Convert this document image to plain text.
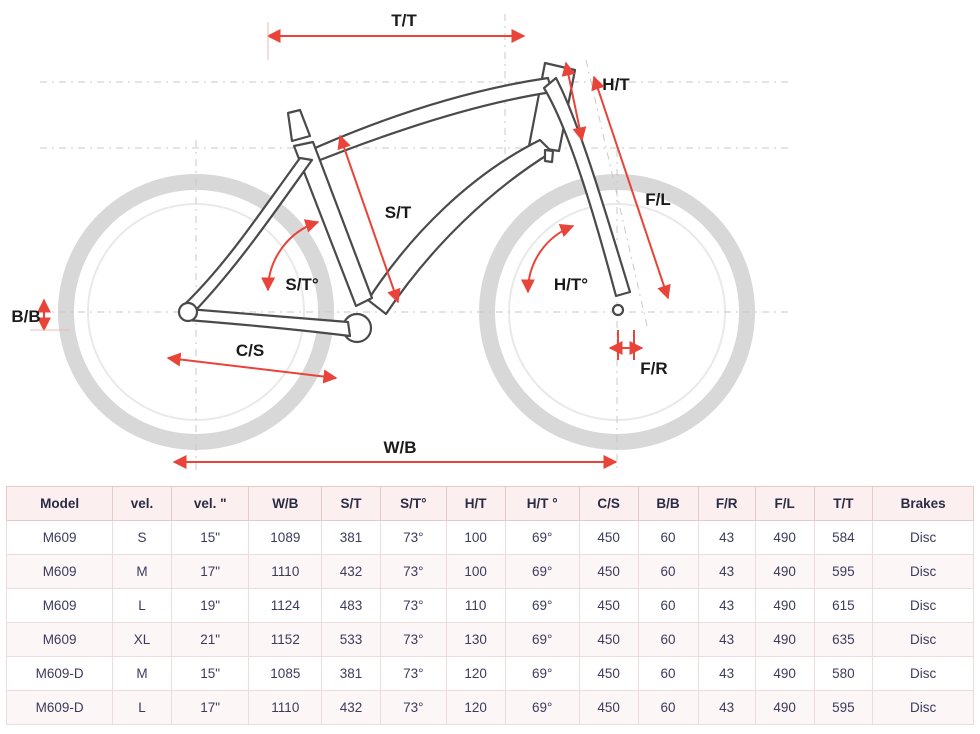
T/T
H/T
F/L
S/T
S/T°	H/T°
B/B
C/S
F/R
W/B
Model	vel.	vel. "	W/B	S/T	S/T°	H/T	H/T °	C/S	B/B	F/R	F/L	T/T	Brakes
M609	S	15"	1089	381	73°	100	69°	450	60	43	490	584	Disc
M609	M	17"	1110	432	73°	100	69°	450	60	43	490	595	Disc
M609	L	19"	1124	483	73°	110	69°	450	60	43	490	615	Disc
M609	XL	21"	1152	533	73°	130	69°	450	60	43	490	635	Disc
M609-D	M	15"	1085	381	73°	120	69°	450	60	43	490	580	Disc
M609-D	L	17"	1110	432	73°	120	69°	450	60	43	490	595	Disc
